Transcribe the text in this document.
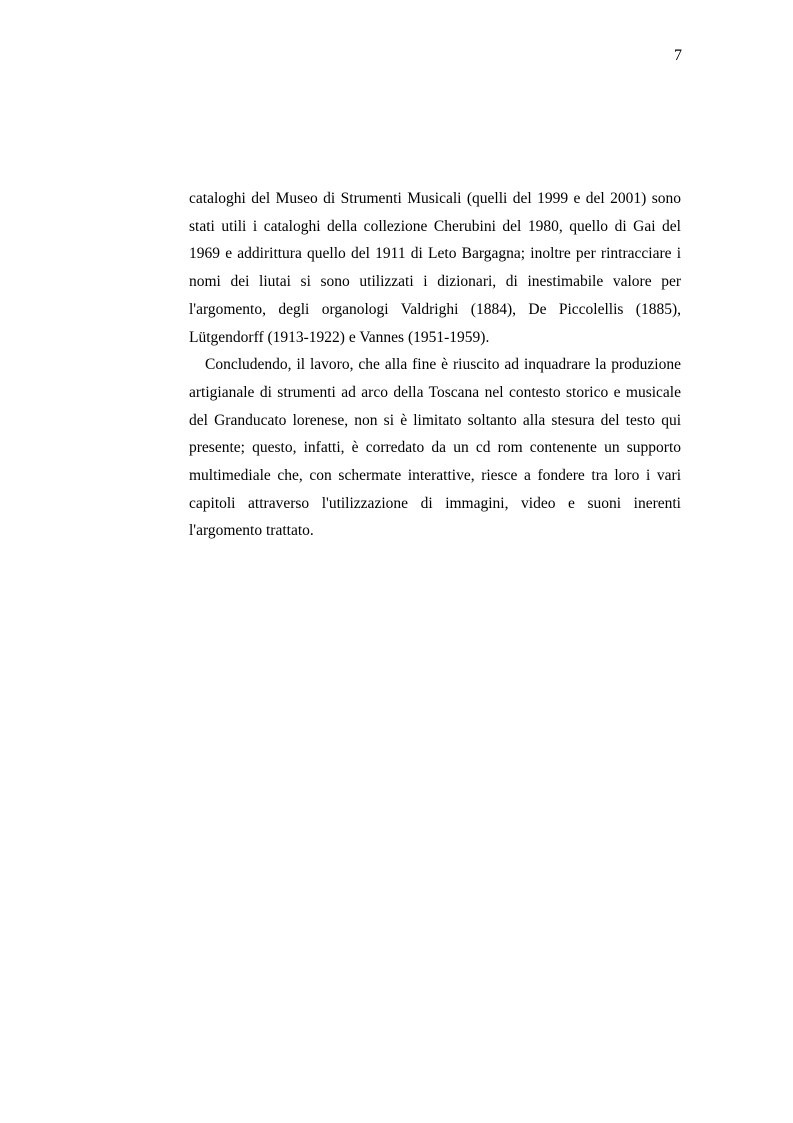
7

cataloghi del Museo di Strumenti Musicali (quelli del 1999 e del 2001) sono stati utili i cataloghi della collezione Cherubini del 1980, quello di Gai del 1969 e addirittura quello del 1911 di Leto Bargagna; inoltre per rintracciare i nomi dei liutai si sono utilizzati i dizionari, di inestimabile valore per l'argomento, degli organologi Valdrighi (1884), De Piccolellis (1885), Lütgendorff (1913-1922) e Vannes (1951-1959).

Concludendo, il lavoro, che alla fine è riuscito ad inquadrare la produzione artigianale di strumenti ad arco della Toscana nel contesto storico e musicale del Granducato lorenese, non si è limitato soltanto alla stesura del testo qui presente; questo, infatti, è corredato da un cd rom contenente un supporto multimediale che, con schermate interattive, riesce a fondere tra loro i vari capitoli attraverso l'utilizzazione di immagini, video e suoni inerenti l'argomento trattato.
